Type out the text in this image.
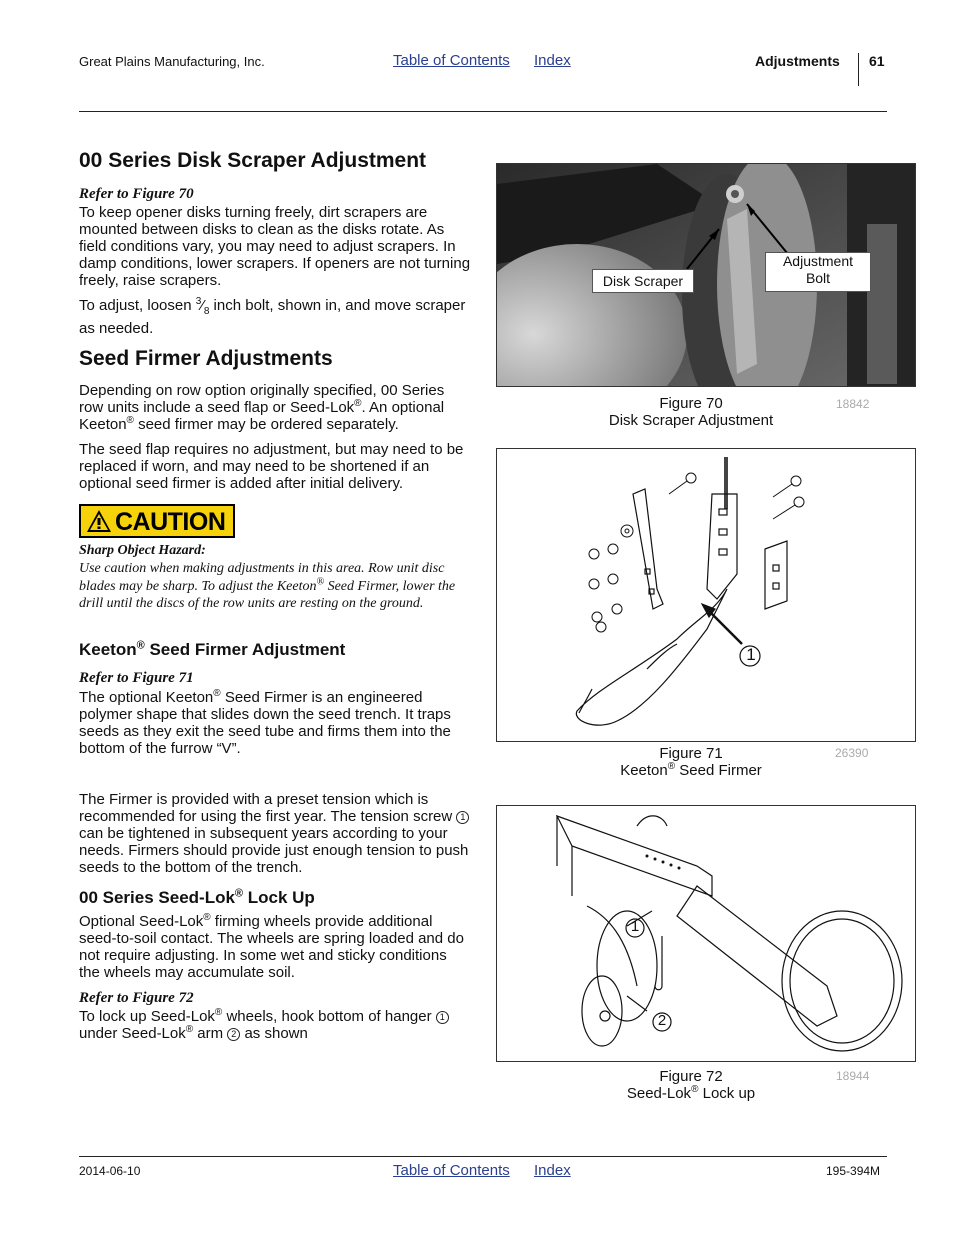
Great Plains Manufacturing, Inc.	Table of Contents Index	Adjustments 61
00 Series Disk Scraper Adjustment

Refer to Figure 70

To keep opener disks turning freely, dirt scrapers are mounted between disks to clean as the disks rotate. As field conditions vary, you may need to adjust scrapers. In damp conditions, lower scrapers. If openers are not turning freely, raise scrapers.

To adjust, loosen $^3⁄_8$ inch bolt, shown in, and move scraper as needed.

Seed Firmer Adjustments

Depending on row option originally specified, 00 Series row units include a seed flap or Seed-Lok®. An optional Keeton® seed firmer may be ordered separately.

The seed flap requires no adjustment, but may need to be replaced if worn, and may need to be shortened if an optional seed firmer is added after initial delivery.

CAUTION

Sharp Object Hazard:

Use caution when making adjustments in this area. Row unit disc blades may be sharp. To adjust the Keeton® Seed Firmer, lower the drill until the discs of the row units are resting on the ground.

Keeton® Seed Firmer Adjustment

Refer to Figure 71

The optional Keeton® Seed Firmer is an engineered polymer shape that slides down the seed trench. It traps seeds as they exit the seed tube and firms them into the bottom of the furrow “V”.

The Firmer is provided with a preset tension which is recommended for using the first year. The tension screw 1 can be tightened in subsequent years according to your needs. Firmers should provide just enough tension to push seeds to the bottom of the trench.

00 Series Seed-Lok® Lock Up

Optional Seed-Lok® firming wheels provide additional seed-to-soil contact. The wheels are spring loaded and do not require adjusting. In some wet and sticky conditions the wheels may accumulate soil.

Refer to Figure 72

To lock up Seed-Lok® wheels, hook bottom of hanger 1 under Seed-Lok® arm 2 as shown

Disk Scraper
Adjustment
Bolt
Figure 70
Disk Scraper Adjustment
18842
1
Figure 71
Keeton® Seed Firmer
26390
1
2
Figure 72
Seed-Lok® Lock up
18944
2014-06-10	Table of Contents Index	195-394M
